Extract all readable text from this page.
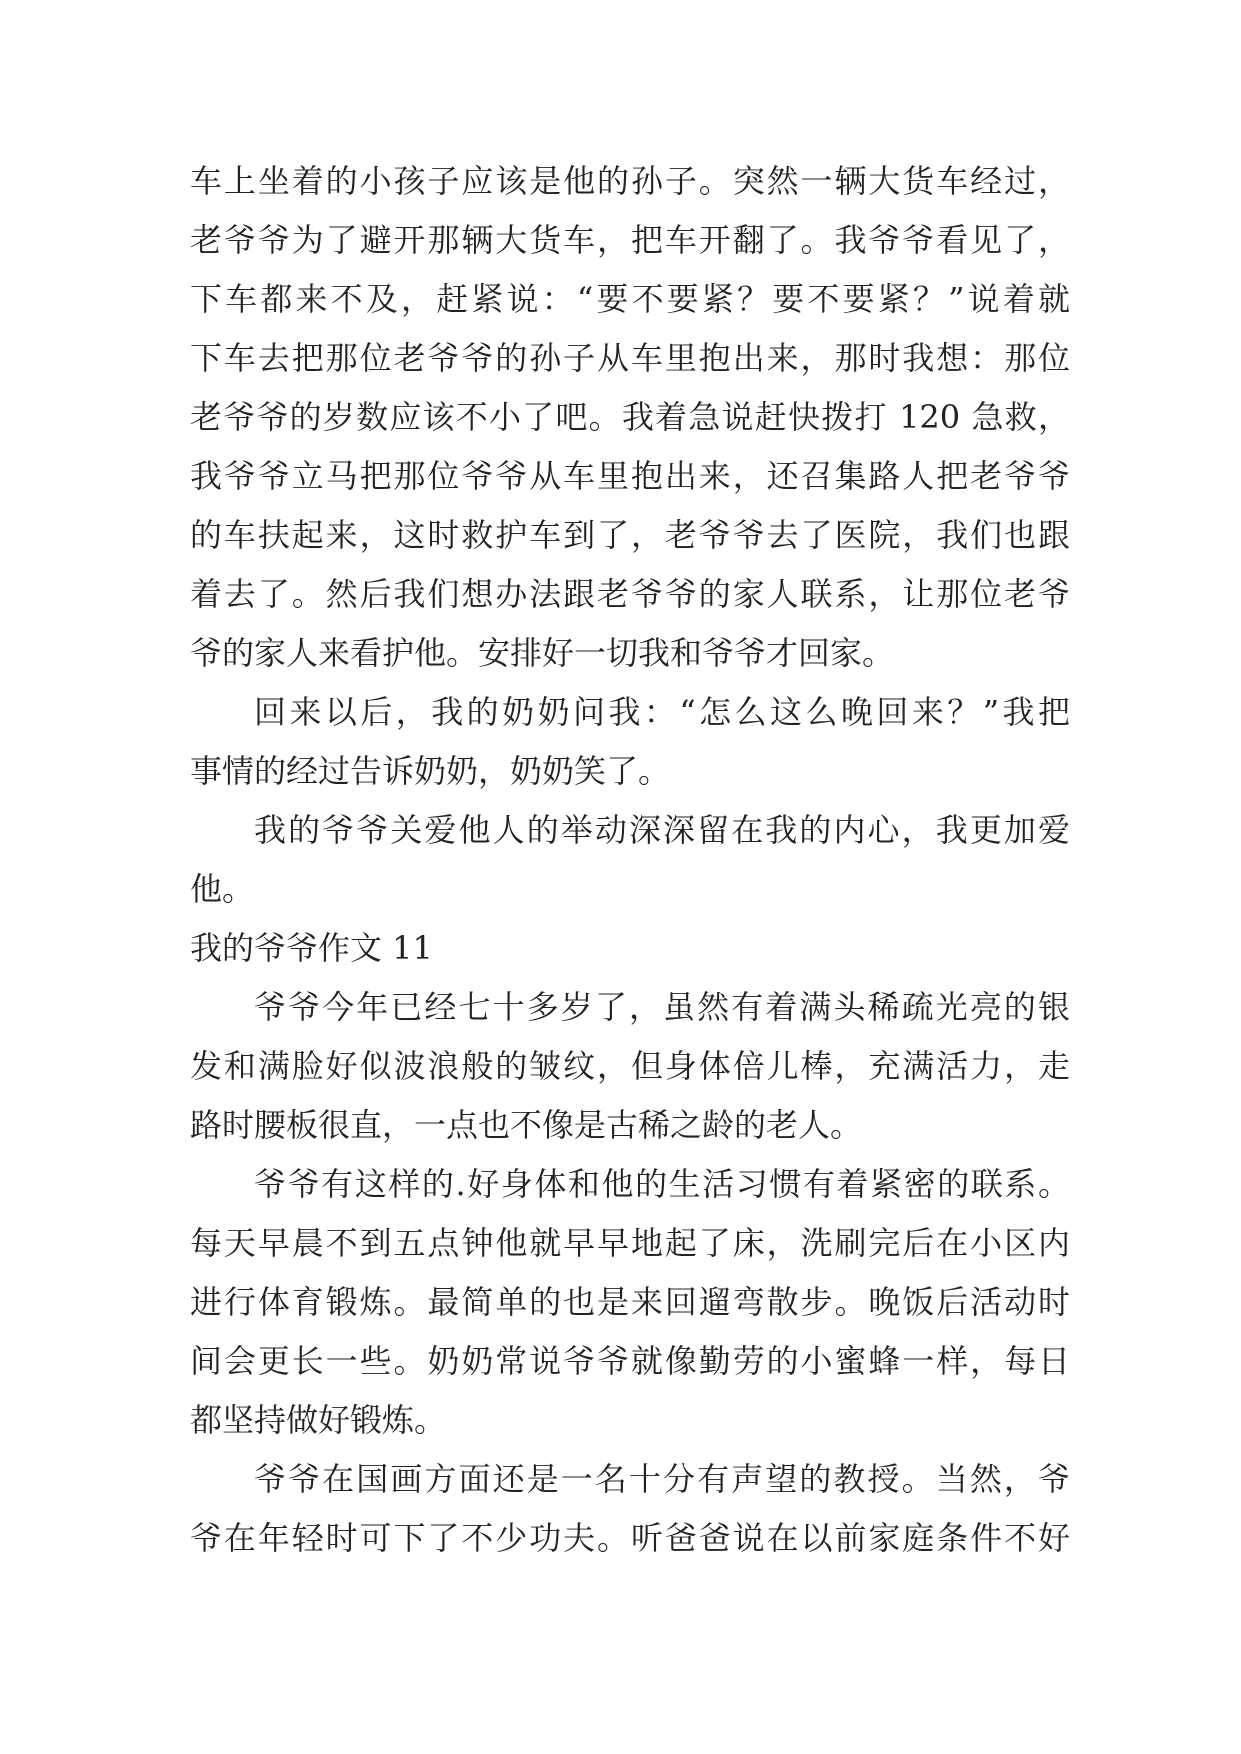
车上坐着的小孩子应该是他的孙子。突然一辆大货车经过，
老爷爷为了避开那辆大货车，把车开翻了。我爷爷看见了，
下车都来不及，赶紧说：“要不要紧？要不要紧？”说着就
下车去把那位老爷爷的孙子从车里抱出来，那时我想：那位
老爷爷的岁数应该不小了吧。我着急说赶快拨打 120 急救，
我爷爷立马把那位爷爷从车里抱出来，还召集路人把老爷爷
的车扶起来，这时救护车到了，老爷爷去了医院，我们也跟
着去了。然后我们想办法跟老爷爷的家人联系，让那位老爷
爷的家人来看护他。安排好一切我和爷爷才回家。
回来以后，我的奶奶问我：“怎么这么晚回来？”我把
事情的经过告诉奶奶，奶奶笑了。
我的爷爷关爱他人的举动深深留在我的内心，我更加爱
他。
我的爷爷作文 11
爷爷今年已经七十多岁了，虽然有着满头稀疏光亮的银
发和满脸好似波浪般的皱纹，但身体倍儿棒，充满活力，走
路时腰板很直，一点也不像是古稀之龄的老人。
爷爷有这样的.好身体和他的生活习惯有着紧密的联系。
每天早晨不到五点钟他就早早地起了床，洗刷完后在小区内
进行体育锻炼。最简单的也是来回遛弯散步。晚饭后活动时
间会更长一些。奶奶常说爷爷就像勤劳的小蜜蜂一样，每日
都坚持做好锻炼。
爷爷在国画方面还是一名十分有声望的教授。当然，爷
爷在年轻时可下了不少功夫。听爸爸说在以前家庭条件不好
